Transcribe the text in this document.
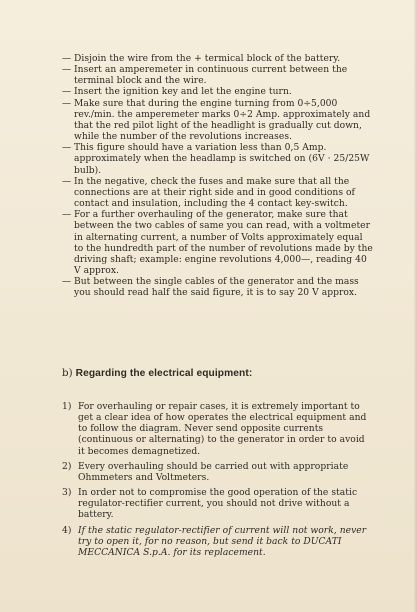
— Disjoin the wire from the + termical block of the battery.
— Insert an amperemeter in continuous current between the terminal block and the wire.
— Insert the ignition key and let the engine turn.
— Make sure that during the engine turning from 0÷5,000 rev./min. the amperemeter marks 0÷2 Amp. approximately and that the red pilot light of the headlight is gradually cut down, while the number of the revolutions increases.
— This figure should have a variation less than 0,5 Amp. approximately when the headlamp is switched on (6V · 25/25W bulb).
— In the negative, check the fuses and make sure that all the connections are at their right side and in good conditions of contact and insulation, including the 4 contact key-switch.
— For a further overhauling of the generator, make sure that between the two cables of same you can read, with a voltmeter in alternating current, a number of Volts approximately equal to the hundredth part of the number of revolutions made by the driving shaft; example: engine revolutions 4,000—, reading 40 V approx.
— But between the single cables of the generator and the mass you should read half the said figure, it is to say 20 V approx.
b) Regarding the electrical equipment:
1) For overhauling or repair cases, it is extremely important to get a clear idea of how operates the electrical equipment and to follow the diagram. Never send opposite currents (continuous or alternating) to the generator in order to avoid it becomes demagnetized.
2) Every overhauling should be carried out with appropriate Ohmmeters and Voltmeters.
3) In order not to compromise the good operation of the static regulator-rectifier current, you should not drive without a battery.
4) If the static regulator-rectifier of current will not work, never try to open it, for no reason, but send it back to DUCATI MECCANICA S.p.A. for its replacement.
